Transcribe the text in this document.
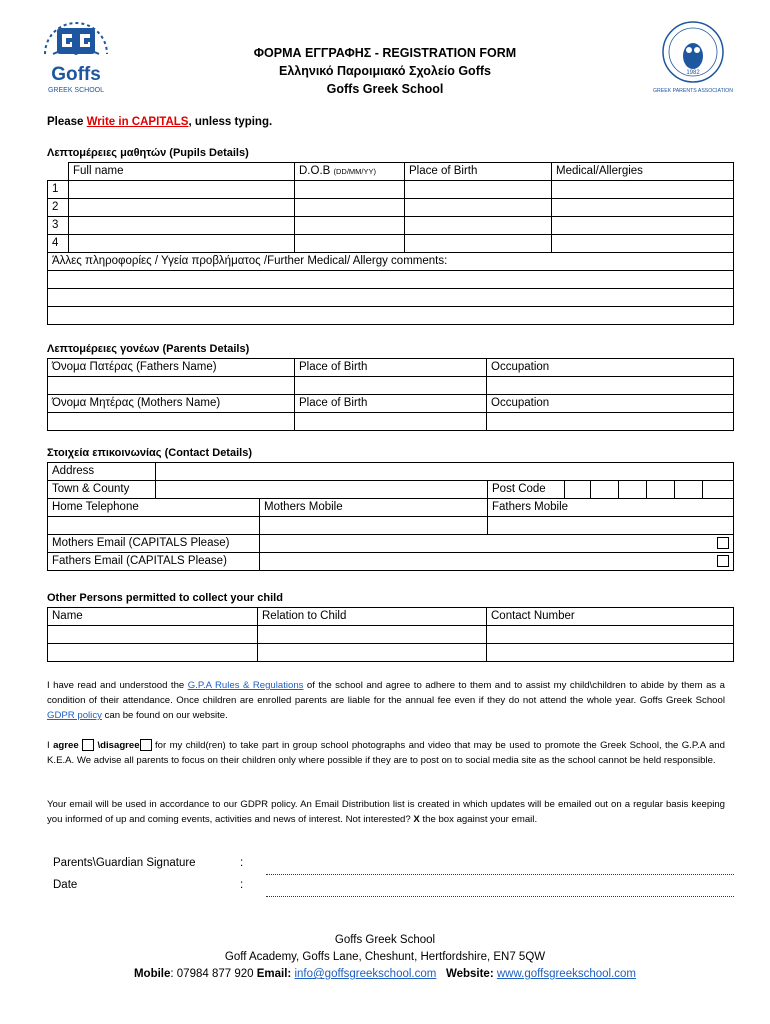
Goffs
GREEK SCHOOL
1982
GREEK PARENTS ASSOCIATION
ΦΟΡΜΑ ΕΓΓΡΑΦΗΣ - REGISTRATION FORM
Ελληνικό Παροιμιακό Σχολείο Goffs
Goffs Greek School
Please Write in CAPITALS, unless typing.
Λεπτομέρειες μαθητών (Pupils Details)
	Full name	D.O.B (DD/MM/YY)	Place of Birth	Medical/Allergies
1				
2				
3				
4				
Άλλες πληροφορίες / Υγεία προβλήματος /Further Medical/ Allergy comments:				

Λεπτομέρειες γονέων (Parents Details)
Όνομα Πατέρας (Fathers Name)	Place of Birth	Occupation

Όνομα Μητέρας (Mothers Name)	Place of Birth	Occupation

Στοιχεία επικοινωνίας (Contact Details)
Address									
Town & County			Post Code						
Home Telephone		Mothers Mobile	Fathers Mobile						

Mothers Email (CAPITALS Please)									
Fathers Email (CAPITALS Please)									
Other Persons permitted to collect your child
Name	Relation to Child	Contact Number

I have read and understood the G.P.A Rules & Regulations of the school and agree to adhere to them and to assist my child\children to abide by them as a condition of their attendance. Once children are enrolled parents are liable for the annual fee even if they do not attend the whole year. Goffs Greek School GDPR policy can be found on our website.
I agree  \disagree for my child(ren) to take part in group school photographs and video that may be used to promote the Greek School, the G.P.A and K.E.A. We advise all parents to focus on their children only where possible if they are to post on to social media site as the school cannot be held responsible.
Your email will be used in accordance to our GDPR policy. An Email Distribution list is created in which updates will be emailed out on a regular basis keeping you informed of up and coming events, activities and news of interest. Not interested? X the box against your email.
Parents\Guardian Signature	:
Date	:
Goffs Greek School
Goff Academy, Goffs Lane, Cheshunt, Hertfordshire, EN7 5QW
Mobile: 07984 877 920 Email: info@goffsgreekschool.com Website: www.goffsgreekschool.com
